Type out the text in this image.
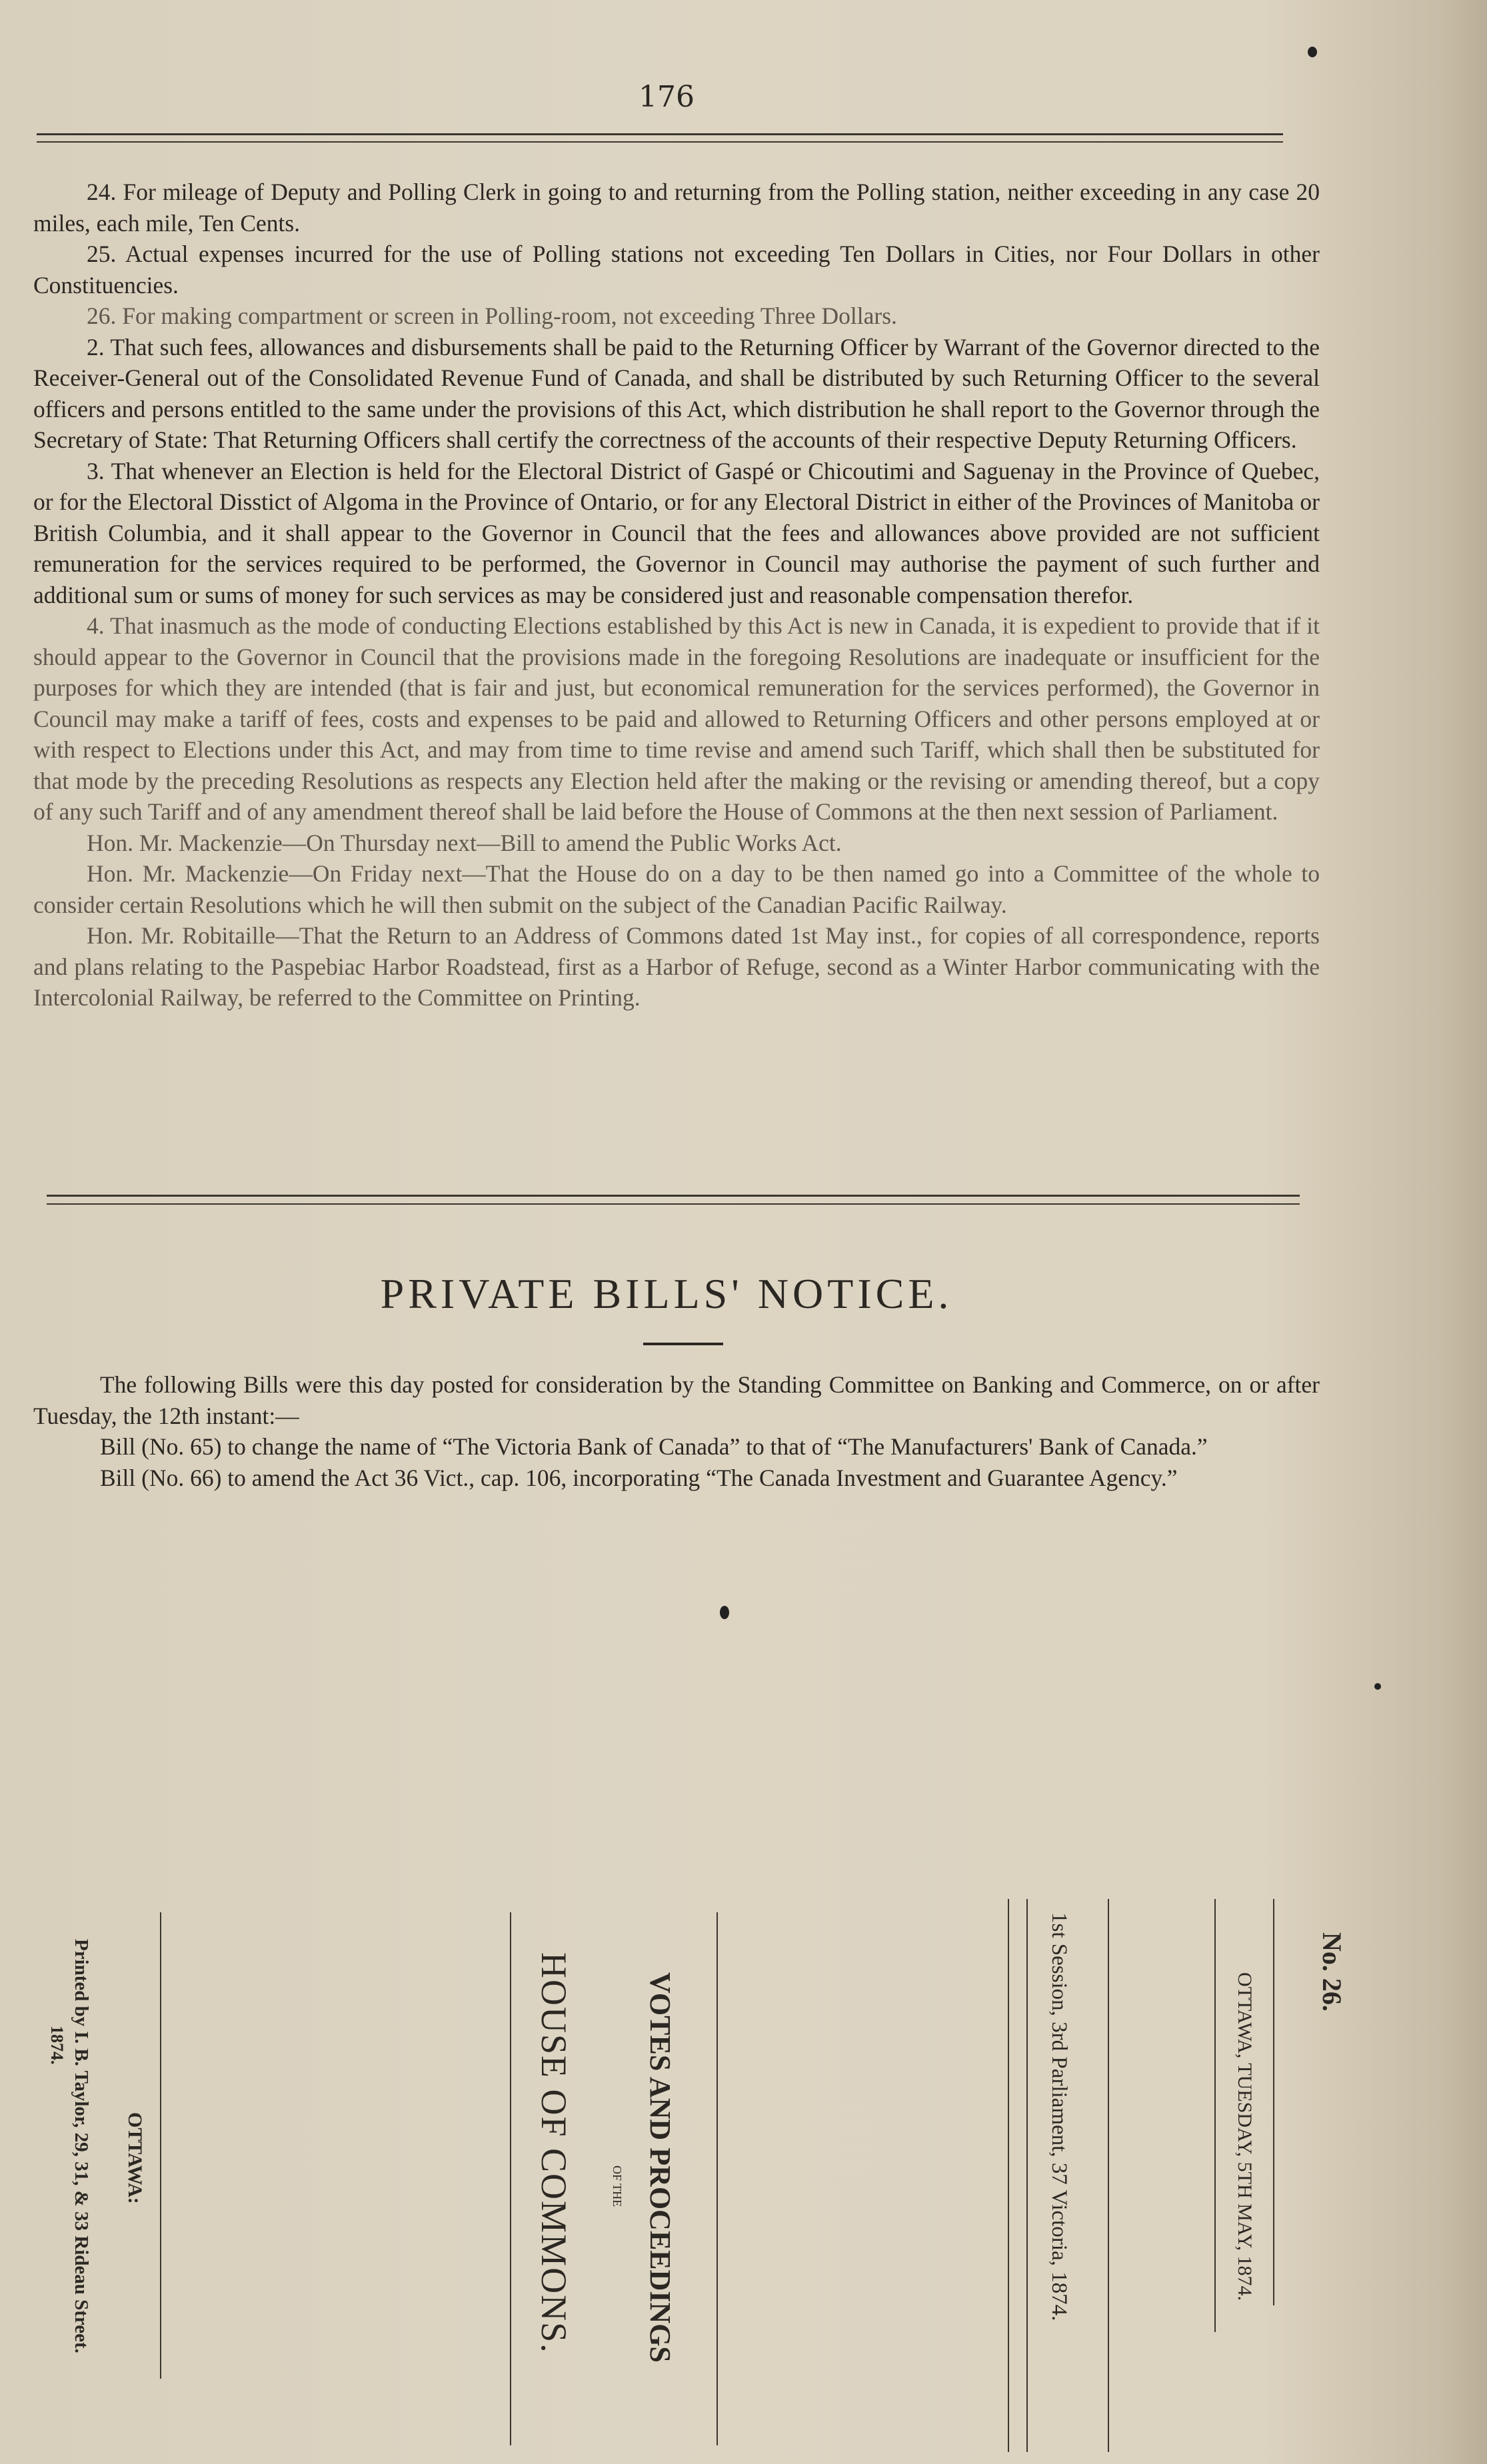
176

24. For mileage of Deputy and Polling Clerk in going to and returning from the Polling station, neither exceeding in any case 20 miles, each mile, Ten Cents.

25. Actual expenses incurred for the use of Polling stations not exceeding Ten Dollars in Cities, nor Four Dollars in other Constituencies.

26. For making compartment or screen in Polling-room, not exceeding Three Dollars.

2. That such fees, allowances and disbursements shall be paid to the Returning Officer by Warrant of the Governor directed to the Receiver-General out of the Consolidated Revenue Fund of Canada, and shall be distributed by such Returning Officer to the several officers and persons entitled to the same under the provisions of this Act, which distribution he shall report to the Governor through the Secretary of State: That Returning Officers shall certify the correctness of the accounts of their respective Deputy Returning Officers.

3. That whenever an Election is held for the Electoral District of Gaspé or Chicoutimi and Saguenay in the Province of Quebec, or for the Electoral Disstict of Algoma in the Province of Ontario, or for any Electoral District in either of the Provinces of Manitoba or British Columbia, and it shall appear to the Governor in Council that the fees and allowances above provided are not sufficient remuneration for the services required to be performed, the Governor in Council may authorise the payment of such further and additional sum or sums of money for such services as may be considered just and reasonable compensation therefor.

4. That inasmuch as the mode of conducting Elections established by this Act is new in Canada, it is expedient to provide that if it should appear to the Governor in Council that the provisions made in the foregoing Resolutions are inadequate or insufficient for the purposes for which they are intended (that is fair and just, but economical remuneration for the services performed), the Governor in Council may make a tariff of fees, costs and expenses to be paid and allowed to Returning Officers and other persons employed at or with respect to Elections under this Act, and may from time to time revise and amend such Tariff, which shall then be substituted for that mode by the preceding Resolutions as respects any Election held after the making or the revising or amending thereof, but a copy of any such Tariff and of any amendment thereof shall be laid before the House of Commons at the then next session of Parliament.

Hon. Mr. Mackenzie—On Thursday next—Bill to amend the Public Works Act.

Hon. Mr. Mackenzie—On Friday next—That the House do on a day to be then named go into a Committee of the whole to consider certain Resolutions which he will then submit on the subject of the Canadian Pacific Railway.

Hon. Mr. Robitaille—That the Return to an Address of Commons dated 1st May inst., for copies of all correspondence, reports and plans relating to the Paspebiac Harbor Roadstead, first as a Harbor of Refuge, second as a Winter Harbor communicating with the Intercolonial Railway, be referred to the Committee on Printing.

PRIVATE BILLS' NOTICE.

The following Bills were this day posted for consideration by the Standing Committee on Banking and Commerce, on or after Tuesday, the 12th instant:—

Bill (No. 65) to change the name of “The Victoria Bank of Canada” to that of “The Manufacturers' Bank of Canada.”

Bill (No. 66) to amend the Act 36 Vict., cap. 106, incorporating “The Canada Investment and Guarantee Agency.”

No. 26.
OTTAWA, TUESDAY, 5TH MAY, 1874.
1st Session, 3rd Parliament, 37 Victoria, 1874.
VOTES AND PROCEEDINGS
OF THE
HOUSE OF COMMONS.
OTTAWA:
Printed by I. B. Taylor, 29, 31, & 33 Rideau Street.
1874.
